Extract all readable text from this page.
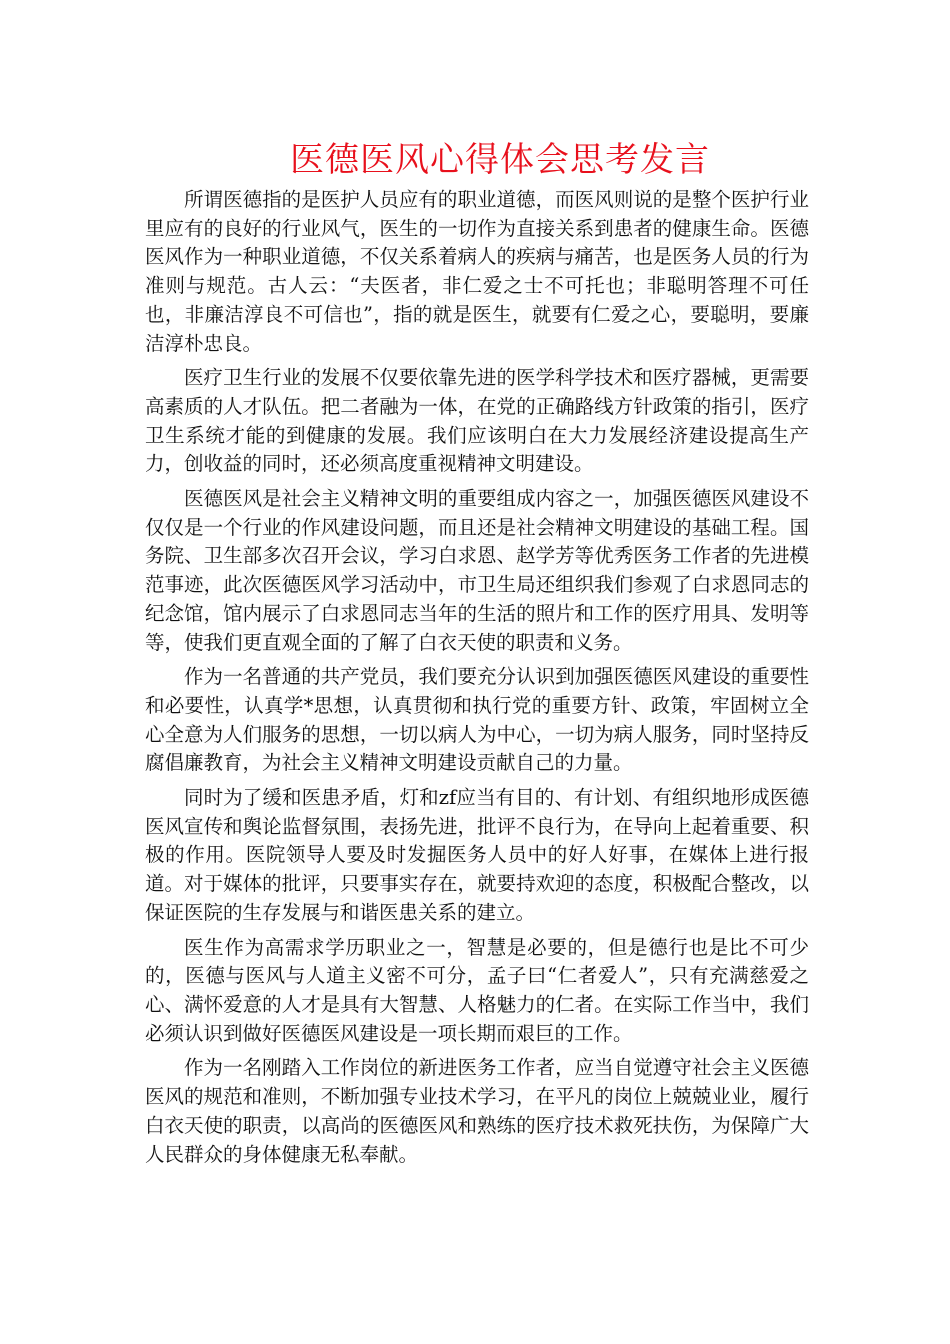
医德医风心得体会思考发言

所谓医德指的是医护人员应有的职业道德，而医风则说的是整个医护行业里应有的良好的行业风气，医生的一切作为直接关系到患者的健康生命。医德医风作为一种职业道德，不仅关系着病人的疾病与痛苦，也是医务人员的行为准则与规范。古人云：“夫医者，非仁爱之士不可托也；非聪明答理不可任也，非廉洁淳良不可信也”，指的就是医生，就要有仁爱之心，要聪明，要廉洁淳朴忠良。

医疗卫生行业的发展不仅要依靠先进的医学科学技术和医疗器械，更需要高素质的人才队伍。把二者融为一体，在党的正确路线方针政策的指引，医疗卫生系统才能的到健康的发展。我们应该明白在大力发展经济建设提高生产力，创收益的同时，还必须高度重视精神文明建设。

医德医风是社会主义精神文明的重要组成内容之一，加强医德医风建设不仅仅是一个行业的作风建设问题，而且还是社会精神文明建设的基础工程。国务院、卫生部多次召开会议，学习白求恩、赵学芳等优秀医务工作者的先进模范事迹，此次医德医风学习活动中，市卫生局还组织我们参观了白求恩同志的纪念馆，馆内展示了白求恩同志当年的生活的照片和工作的医疗用具、发明等等，使我们更直观全面的了解了白衣天使的职责和义务。

作为一名普通的共产党员，我们要充分认识到加强医德医风建设的重要性和必要性，认真学*思想，认真贯彻和执行党的重要方针、政策，牢固树立全心全意为人们服务的思想，一切以病人为中心，一切为病人服务，同时坚持反腐倡廉教育，为社会主义精神文明建设贡献自己的力量。

同时为了缓和医患矛盾，灯和zf应当有目的、有计划、有组织地形成医德医风宣传和舆论监督氛围，表扬先进，批评不良行为，在导向上起着重要、积极的作用。医院领导人要及时发掘医务人员中的好人好事，在媒体上进行报道。对于媒体的批评，只要事实存在，就要持欢迎的态度，积极配合整改，以保证医院的生存发展与和谐医患关系的建立。

医生作为高需求学历职业之一，智慧是必要的，但是德行也是比不可少的，医德与医风与人道主义密不可分，孟子曰“仁者爱人”，只有充满慈爱之心、满怀爱意的人才是具有大智慧、人格魅力的仁者。在实际工作当中，我们必须认识到做好医德医风建设是一项长期而艰巨的工作。

作为一名刚踏入工作岗位的新进医务工作者，应当自觉遵守社会主义医德医风的规范和准则，不断加强专业技术学习，在平凡的岗位上兢兢业业，履行白衣天使的职责，以高尚的医德医风和熟练的医疗技术救死扶伤，为保障广大人民群众的身体健康无私奉献。
